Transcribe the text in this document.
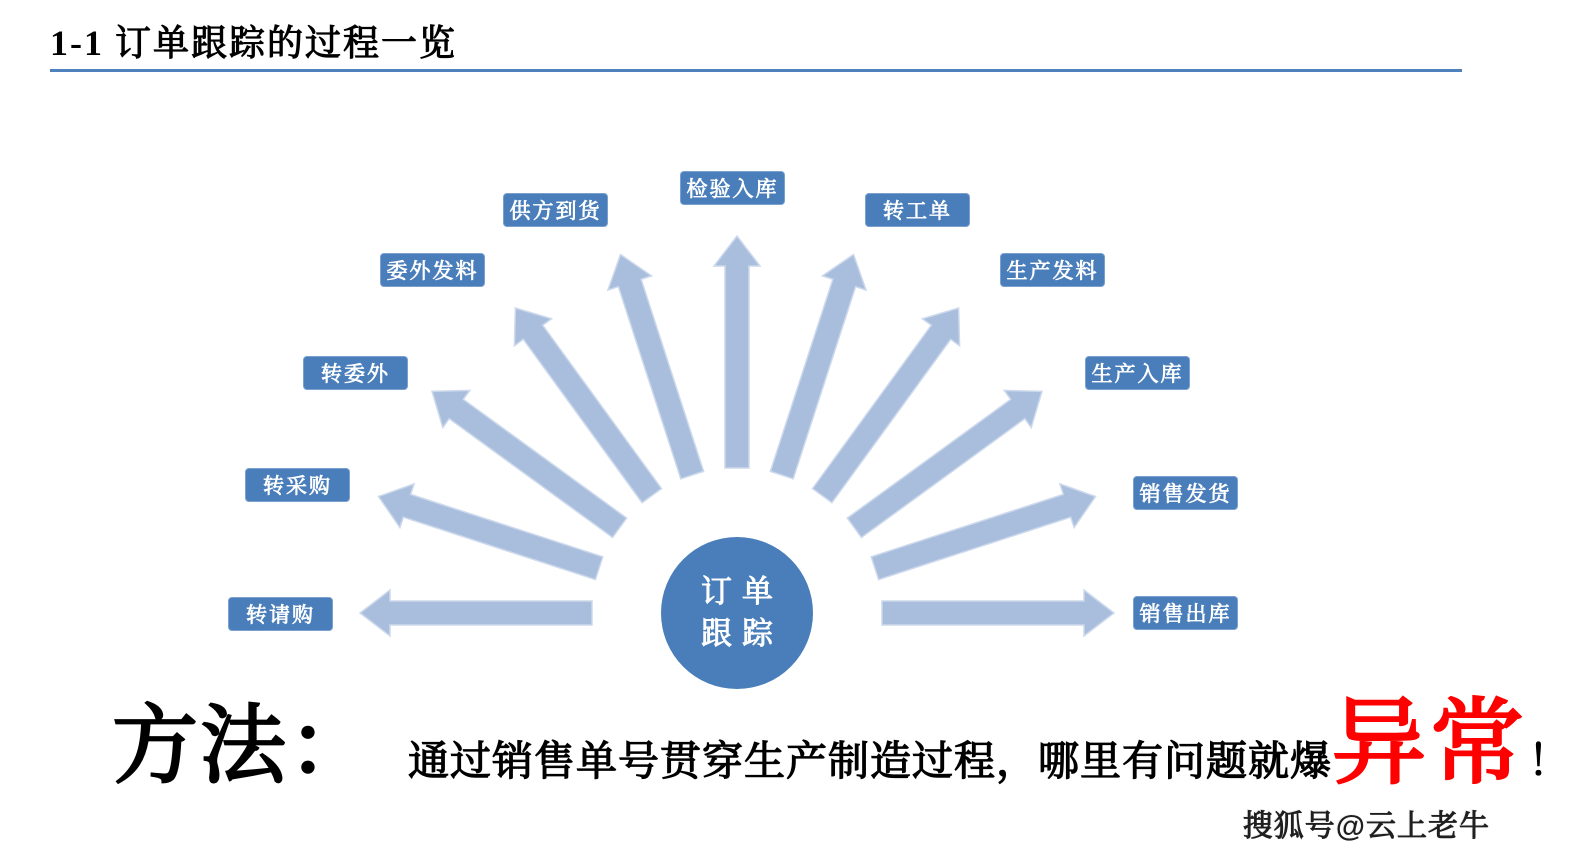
1-1 订单跟踪的过程一览
转请购
转采购
转委外
委外发料
供方到货
检验入库
转工单
生产发料
生产入库
销售发货
销售出库
订单
跟踪
方法： 通过销售单号贯穿生产制造过程，哪里有问题就爆 异常 ！
搜狐号@云上老牛
